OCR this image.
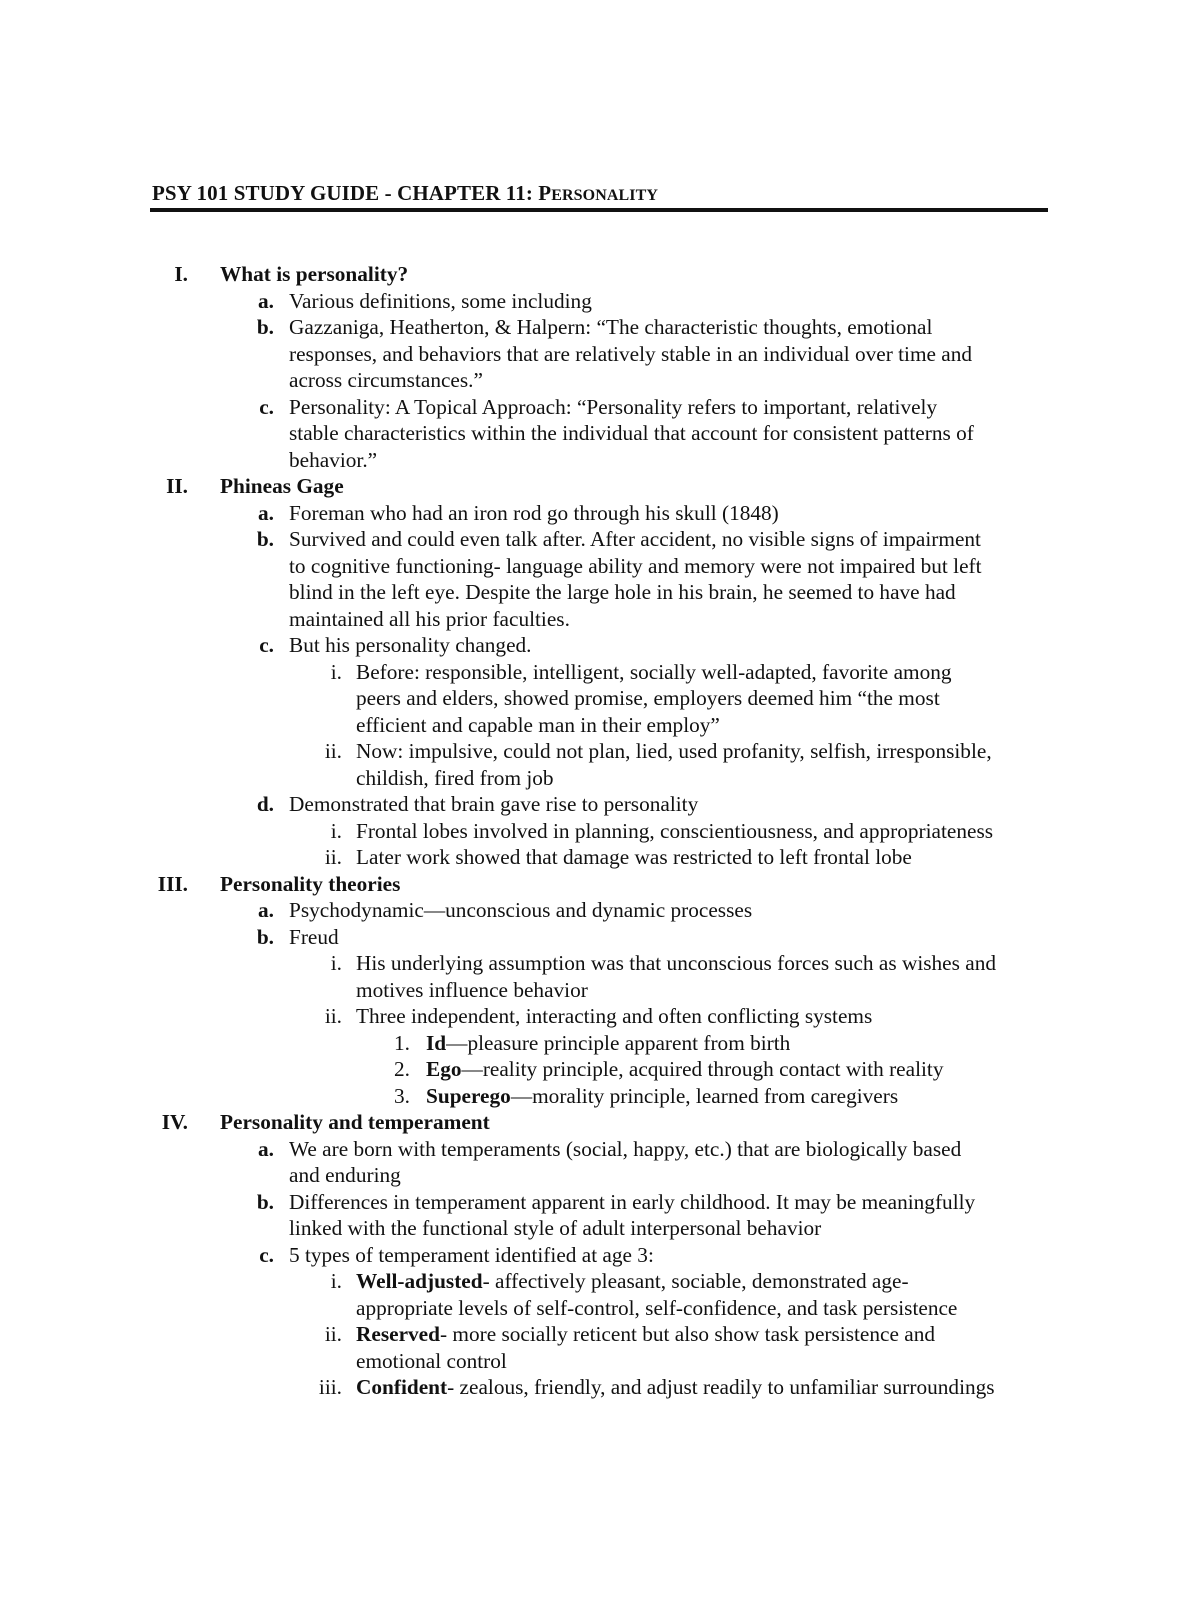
PSY 101 STUDY GUIDE - CHAPTER 11: PERSONALITY
I. What is personality?
a. Various definitions, some including
b. Gazzaniga, Heatherton, & Halpern: “The characteristic thoughts, emotional
responses, and behaviors that are relatively stable in an individual over time and
across circumstances.”
c. Personality: A Topical Approach: “Personality refers to important, relatively
stable characteristics within the individual that account for consistent patterns of
behavior.”
II. Phineas Gage
a. Foreman who had an iron rod go through his skull (1848)
b. Survived and could even talk after. After accident, no visible signs of impairment
to cognitive functioning- language ability and memory were not impaired but left
blind in the left eye. Despite the large hole in his brain, he seemed to have had
maintained all his prior faculties.
c. But his personality changed.
i. Before: responsible, intelligent, socially well-adapted, favorite among
peers and elders, showed promise, employers deemed him “the most
efficient and capable man in their employ”
ii. Now: impulsive, could not plan, lied, used profanity, selfish, irresponsible,
childish, fired from job
d. Demonstrated that brain gave rise to personality
i. Frontal lobes involved in planning, conscientiousness, and appropriateness
ii. Later work showed that damage was restricted to left frontal lobe
III. Personality theories
a. Psychodynamic—unconscious and dynamic processes
b. Freud
i. His underlying assumption was that unconscious forces such as wishes and
motives influence behavior
ii. Three independent, interacting and often conflicting systems
1. Id—pleasure principle apparent from birth
2. Ego—reality principle, acquired through contact with reality
3. Superego—morality principle, learned from caregivers
IV. Personality and temperament
a. We are born with temperaments (social, happy, etc.) that are biologically based
and enduring
b. Differences in temperament apparent in early childhood. It may be meaningfully
linked with the functional style of adult interpersonal behavior
c. 5 types of temperament identified at age 3:
i. Well-adjusted- affectively pleasant, sociable, demonstrated age-
appropriate levels of self-control, self-confidence, and task persistence
ii. Reserved- more socially reticent but also show task persistence and
emotional control
iii. Confident- zealous, friendly, and adjust readily to unfamiliar surroundings
